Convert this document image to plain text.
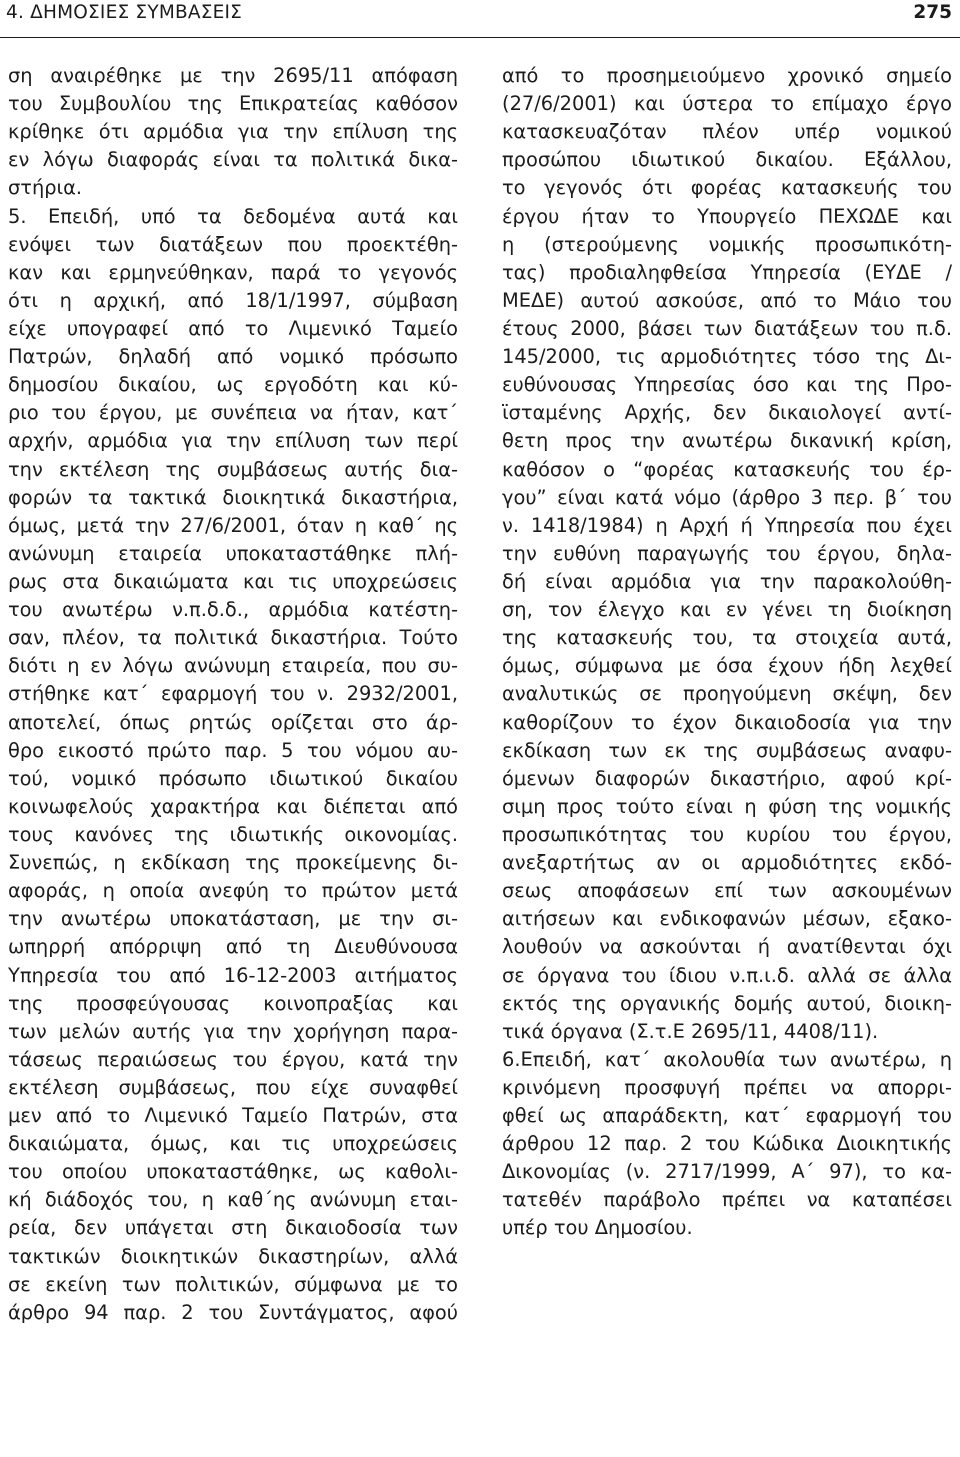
4. ΔΗΜΟΣΙΕΣ ΣΥΜΒΑΣΕΙΣ	275
ση αναιρέθηκε με την 2695/11 απόφαση
του Συμβουλίου της Επικρατείας καθόσον
κρίθηκε ότι αρμόδια για την επίλυση της
εν λόγω διαφοράς είναι τα πολιτικά δικα-
στήρια.
5. Επειδή, υπό τα δεδομένα αυτά και
ενόψει των διατάξεων που προεκτέθη-
καν και ερμηνεύθηκαν, παρά το γεγονός
ότι η αρχική, από 18/1/1997, σύμβαση
είχε υπογραφεί από το Λιμενικό Ταμείο
Πατρών, δηλαδή από νομικό πρόσωπο
δημοσίου δικαίου, ως εργοδότη και κύ-
ριο του έργου, με συνέπεια να ήταν, κατ΄
αρχήν, αρμόδια για την επίλυση των περί
την εκτέλεση της συμβάσεως αυτής δια-
φορών τα τακτικά διοικητικά δικαστήρια,
όμως, μετά την 27/6/2001, όταν η καθ΄ ης
ανώνυμη εταιρεία υποκαταστάθηκε πλή-
ρως στα δικαιώματα και τις υποχρεώσεις
του ανωτέρω ν.π.δ.δ., αρμόδια κατέστη-
σαν, πλέον, τα πολιτικά δικαστήρια. Τούτο
διότι η εν λόγω ανώνυμη εταιρεία, που συ-
στήθηκε κατ΄ εφαρμογή του ν. 2932/2001,
αποτελεί, όπως ρητώς ορίζεται στο άρ-
θρο εικοστό πρώτο παρ. 5 του νόμου αυ-
τού, νομικό πρόσωπο ιδιωτικού δικαίου
κοινωφελούς χαρακτήρα και διέπεται από
τους κανόνες της ιδιωτικής οικονομίας.
Συνεπώς, η εκδίκαση της προκείμενης δι-
αφοράς, η οποία ανεφύη το πρώτον μετά
την ανωτέρω υποκατάσταση, με την σι-
ωπηρρή απόρριψη από τη Διευθύνουσα
Υπηρεσία του από 16-12-2003 αιτήματος
της προσφεύγουσας κοινοπραξίας και
των μελών αυτής για την χορήγηση παρα-
τάσεως περαιώσεως του έργου, κατά την
εκτέλεση συμβάσεως, που είχε συναφθεί
μεν από το Λιμενικό Ταμείο Πατρών, στα
δικαιώματα, όμως, και τις υποχρεώσεις
του οποίου υποκαταστάθηκε, ως καθολι-
κή διάδοχός του, η καθ΄ης ανώνυμη εται-
ρεία, δεν υπάγεται στη δικαιοδοσία των
τακτικών διοικητικών δικαστηρίων, αλλά
σε εκείνη των πολιτικών, σύμφωνα με το
άρθρο 94 παρ. 2 του Συντάγματος, αφού
από το προσημειούμενο χρονικό σημείο
(27/6/2001) και ύστερα το επίμαχο έργο
κατασκευαζόταν πλέον υπέρ νομικού
προσώπου ιδιωτικού δικαίου. Εξάλλου,
το γεγονός ότι φορέας κατασκευής του
έργου ήταν το Υπουργείο ΠΕΧΩΔΕ και
η (στερούμενης νομικής προσωπικότη-
τας) προδιαληφθείσα Υπηρεσία (ΕΥΔΕ /
ΜΕΔΕ) αυτού ασκούσε, από το Μάιο του
έτους 2000, βάσει των διατάξεων του π.δ.
145/2000, τις αρμοδιότητες τόσο της Δι-
ευθύνουσας Υπηρεσίας όσο και της Προ-
ϊσταμένης Αρχής, δεν δικαιολογεί αντί-
θετη προς την ανωτέρω δικανική κρίση,
καθόσον ο “φορέας κατασκευής του έρ-
γου” είναι κατά νόμο (άρθρο 3 περ. β΄ του
ν. 1418/1984) η Αρχή ή Υπηρεσία που έχει
την ευθύνη παραγωγής του έργου, δηλα-
δή είναι αρμόδια για την παρακολούθη-
ση, τον έλεγχο και εν γένει τη διοίκηση
της κατασκευής του, τα στοιχεία αυτά,
όμως, σύμφωνα με όσα έχουν ήδη λεχθεί
αναλυτικώς σε προηγούμενη σκέψη, δεν
καθορίζουν το έχον δικαιοδοσία για την
εκδίκαση των εκ της συμβάσεως αναφυ-
όμενων διαφορών δικαστήριο, αφού κρί-
σιμη προς τούτο είναι η φύση της νομικής
προσωπικότητας του κυρίου του έργου,
ανεξαρτήτως αν οι αρμοδιότητες εκδό-
σεως αποφάσεων επί των ασκουμένων
αιτήσεων και ενδικοφανών μέσων, εξακο-
λουθούν να ασκούνται ή ανατίθενται όχι
σε όργανα του ίδιου ν.π.ι.δ. αλλά σε άλλα
εκτός της οργανικής δομής αυτού, διοικη-
τικά όργανα (Σ.τ.Ε 2695/11, 4408/11).
6.Επειδή, κατ΄ ακολουθία των ανωτέρω, η
κρινόμενη προσφυγή πρέπει να απορρι-
φθεί ως απαράδεκτη, κατ΄ εφαρμογή του
άρθρου 12 παρ. 2 του Κώδικα Διοικητικής
Δικονομίας (ν. 2717/1999, Α΄ 97), το κα-
τατεθέν παράβολο πρέπει να καταπέσει
υπέρ του Δημοσίου.
